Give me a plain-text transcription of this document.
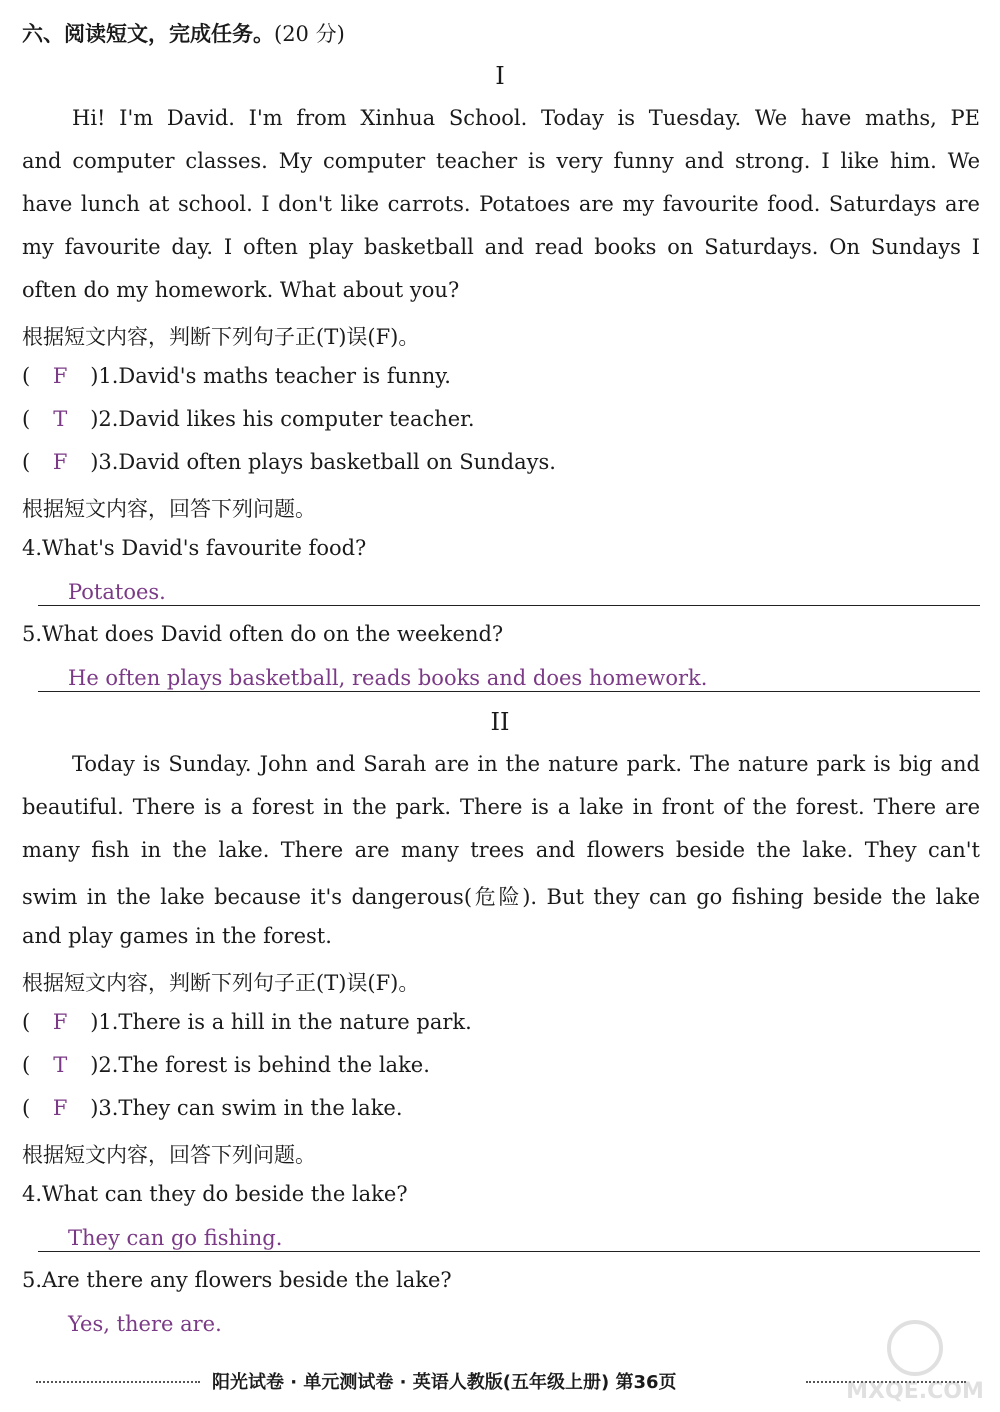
六、阅读短文，完成任务。(20 分)
I
Hi! I'm David. I'm from Xinhua School. Today is Tuesday. We have maths, PE
and computer classes. My computer teacher is very funny and strong. I like him. We
have lunch at school. I don't like carrots. Potatoes are my favourite food. Saturdays are
my favourite day. I often play basketball and read books on Saturdays. On Sundays I
often do my homework. What about you?
根据短文内容，判断下列句子正(T)误(F)。
( F )1.David's maths teacher is funny.
( T )2.David likes his computer teacher.
( F )3.David often plays basketball on Sundays.
根据短文内容，回答下列问题。
4.What's David's favourite food?
Potatoes.
5.What does David often do on the weekend?
He often plays basketball, reads books and does homework.
II
Today is Sunday. John and Sarah are in the nature park. The nature park is big and
beautiful. There is a forest in the park. There is a lake in front of the forest. There are
many fish in the lake. There are many trees and flowers beside the lake. They can't
swim in the lake because it's dangerous(危险). But they can go fishing beside the lake
and play games in the forest.
根据短文内容，判断下列句子正(T)误(F)。
( F )1.There is a hill in the nature park.
( T )2.The forest is behind the lake.
( F )3.They can swim in the lake.
根据短文内容，回答下列问题。
4.What can they do beside the lake?
They can go fishing.
5.Are there any flowers beside the lake?
Yes, there are.
阳光试卷 · 单元测试卷 · 英语人教版(五年级上册) 第36页	MXQE.COM
